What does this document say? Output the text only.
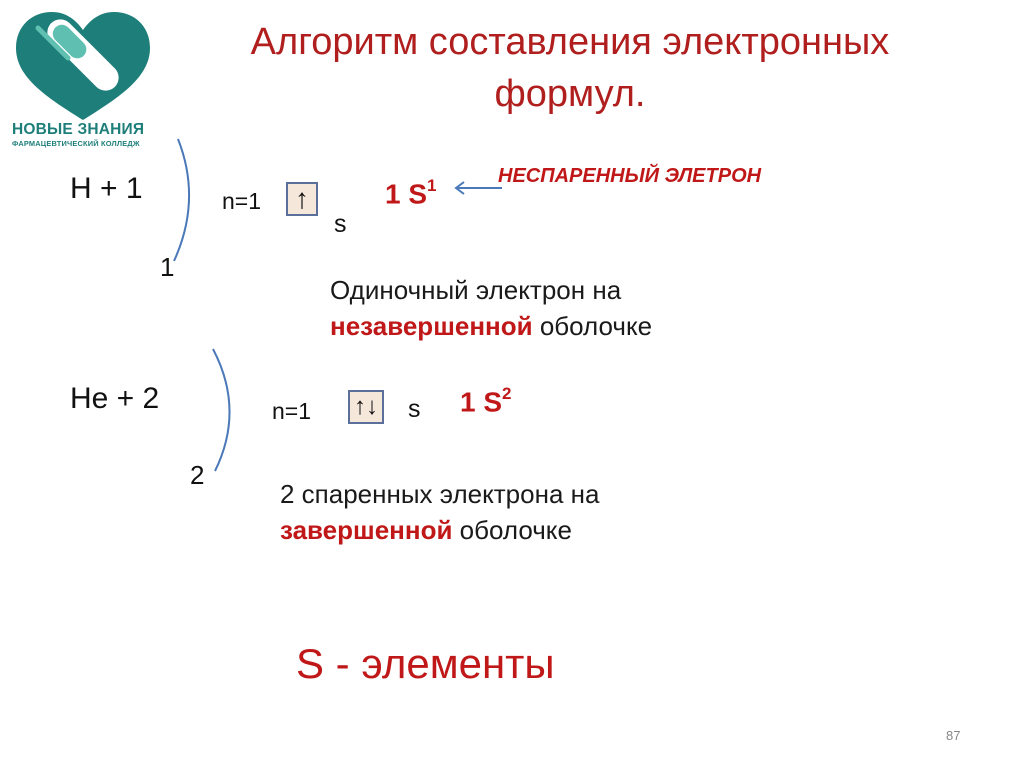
НОВЫЕ ЗНАНИЯ
ФАРМАЦЕВТИЧЕСКИЙ КОЛЛЕДЖ
Алгоритм составления электронных
формул.
H + 1
1
n=1	↑
s
1 $S^1$	НЕСПАРЕННЫЙ ЭЛЕТРОН
Одиночный электрон на
незавершенной оболочке
He + 2
2
n=1 ↑↓ s 1 $S^2$
2 спаренных электрона на
завершенной оболочке
S - элементы
87
